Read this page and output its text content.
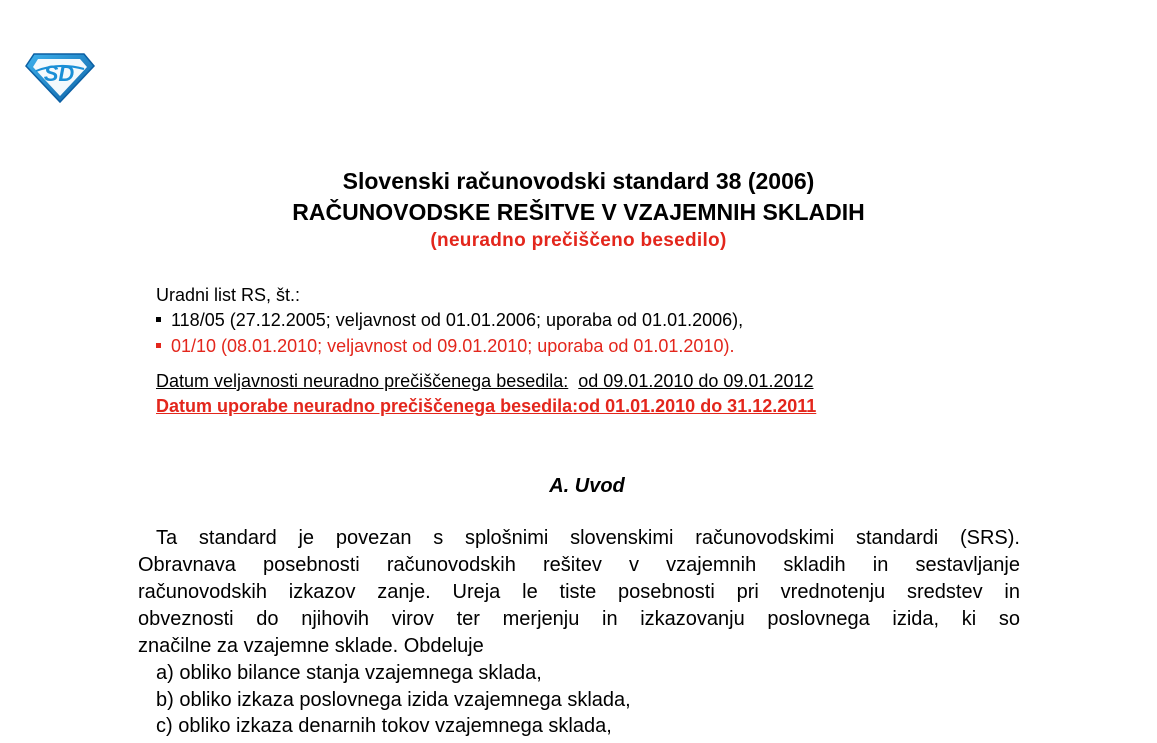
SD
Slovenski računovodski standard 38 (2006)
RAČUNOVODSKE REŠITVE V VZAJEMNIH SKLADIH
(neuradno prečiščeno besedilo)
Uradni list RS, št.:
118/05 (27.12.2005; veljavnost od 01.01.2006; uporaba od 01.01.2006),
01/10 (08.01.2010; veljavnost od 09.01.2010; uporaba od 01.01.2010).
Datum veljavnosti neuradno prečiščenega besedila: od 09.01.2010 do 09.01.2012
Datum uporabe neuradno prečiščenega besedila:od 01.01.2010 do 31.12.2011
A. Uvod
Ta standard je povezan s splošnimi slovenskimi računovodskimi standardi (SRS).
Obravnava posebnosti računovodskih rešitev v vzajemnih skladih in sestavljanje
računovodskih izkazov zanje. Ureja le tiste posebnosti pri vrednotenju sredstev in
obveznosti do njihovih virov ter merjenju in izkazovanju poslovnega izida, ki so
značilne za vzajemne sklade. Obdeluje
a) obliko bilance stanja vzajemnega sklada,
b) obliko izkaza poslovnega izida vzajemnega sklada,
c) obliko izkaza denarnih tokov vzajemnega sklada,
